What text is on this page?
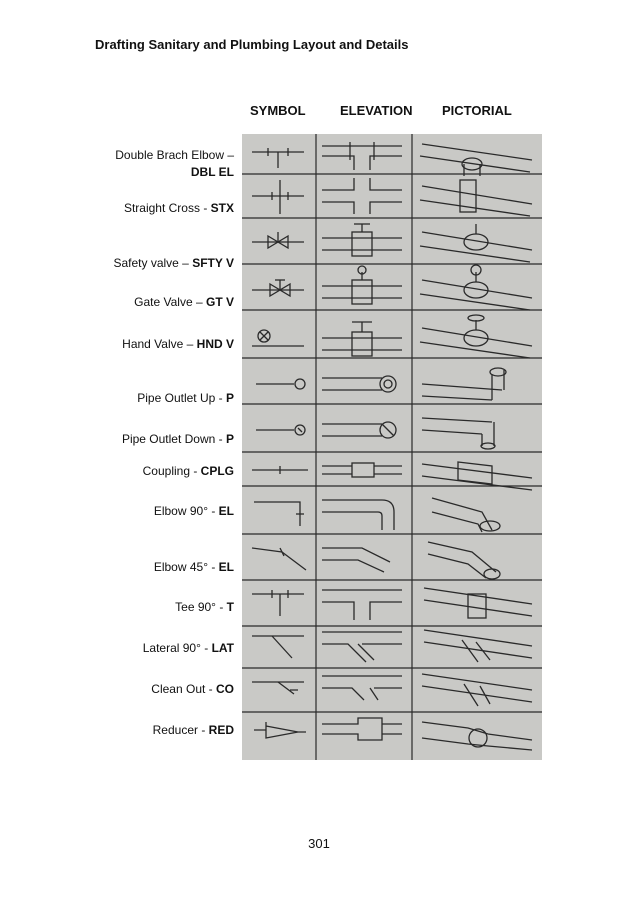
Drafting Sanitary and Plumbing Layout and Details
SYMBOL	ELEVATION PICTORIAL
Double Brach Elbow –
DBL EL
Straight Cross - STX
Safety valve – SFTY V
Gate Valve – GT V
Hand Valve – HND V
Pipe Outlet Up - P
Pipe Outlet Down - P
Coupling - CPLG
Elbow 90° - EL
Elbow 45° - EL
Tee 90° - T
Lateral 90° - LAT
Clean Out - CO
Reducer - RED
301
